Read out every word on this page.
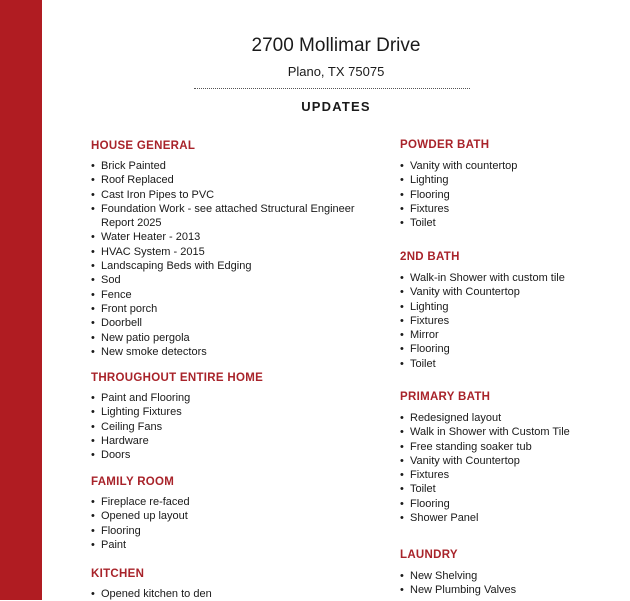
2700 Mollimar Drive
Plano, TX 75075
UPDATES
HOUSE GENERAL
• Brick Painted
• Roof Replaced
• Cast Iron Pipes to PVC
• Foundation Work - see attached Structural Engineer Report 2025
• Water Heater - 2013
• HVAC System - 2015
• Landscaping Beds with Edging
• Sod
• Fence
• Front porch
• Doorbell
• New patio pergola
• New smoke detectors
THROUGHOUT ENTIRE HOME
• Paint and Flooring
• Lighting Fixtures
• Ceiling Fans
• Hardware
• Doors
FAMILY ROOM
• Fireplace re-faced
• Opened up layout
• Flooring
• Paint
KITCHEN
• Opened kitchen to den
POWDER BATH
• Vanity with countertop
• Lighting
• Flooring
• Fixtures
• Toilet
2ND BATH
• Walk-in Shower with custom tile
• Vanity with Countertop
• Lighting
• Fixtures
• Mirror
• Flooring
• Toilet
PRIMARY BATH
• Redesigned layout
• Walk in Shower with Custom Tile
• Free standing soaker tub
• Vanity with Countertop
• Fixtures
• Toilet
• Flooring
• Shower Panel
LAUNDRY
• New Shelving
• New Plumbing Valves
